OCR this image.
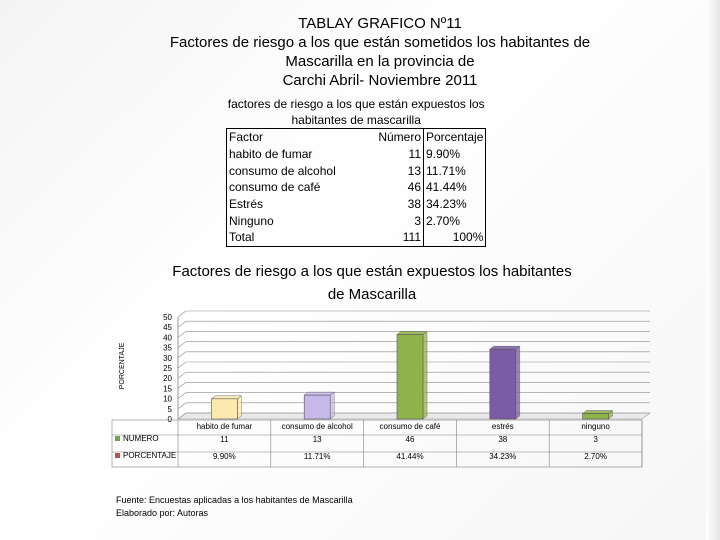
TABLAY GRAFICO Nº11
Factores de riesgo a los que están sometidos los habitantes de
Mascarilla en la provincia de
Carchi Abril- Noviembre 2011
factores de riesgo a los que están expuestos los
habitantes de mascarilla		

Factor	Número	Porcentaje
habito de fumar	11	9.90%
consumo de alcohol	13	11.71%
consumo de café	46	41.44%
Estrés	38	34.23%
Ninguno	3	2.70%
Total	111	100%
Factores de riesgo a los que están expuestos los habitantes
de Mascarilla
PORCENTAJE
0
5
10
15
20
25
30
35
40
45
50
habito de fumar	consumo de alcohol	consumo de café	estrés	ninguno
NUMERO	11	13	46	38	3
PORCENTAJE	9.90%	11.71%	41.44%	34.23%	2.70%
Fuente: Encuestas aplicadas a los habitantes de Mascarilla
Elaborado por: Autoras
